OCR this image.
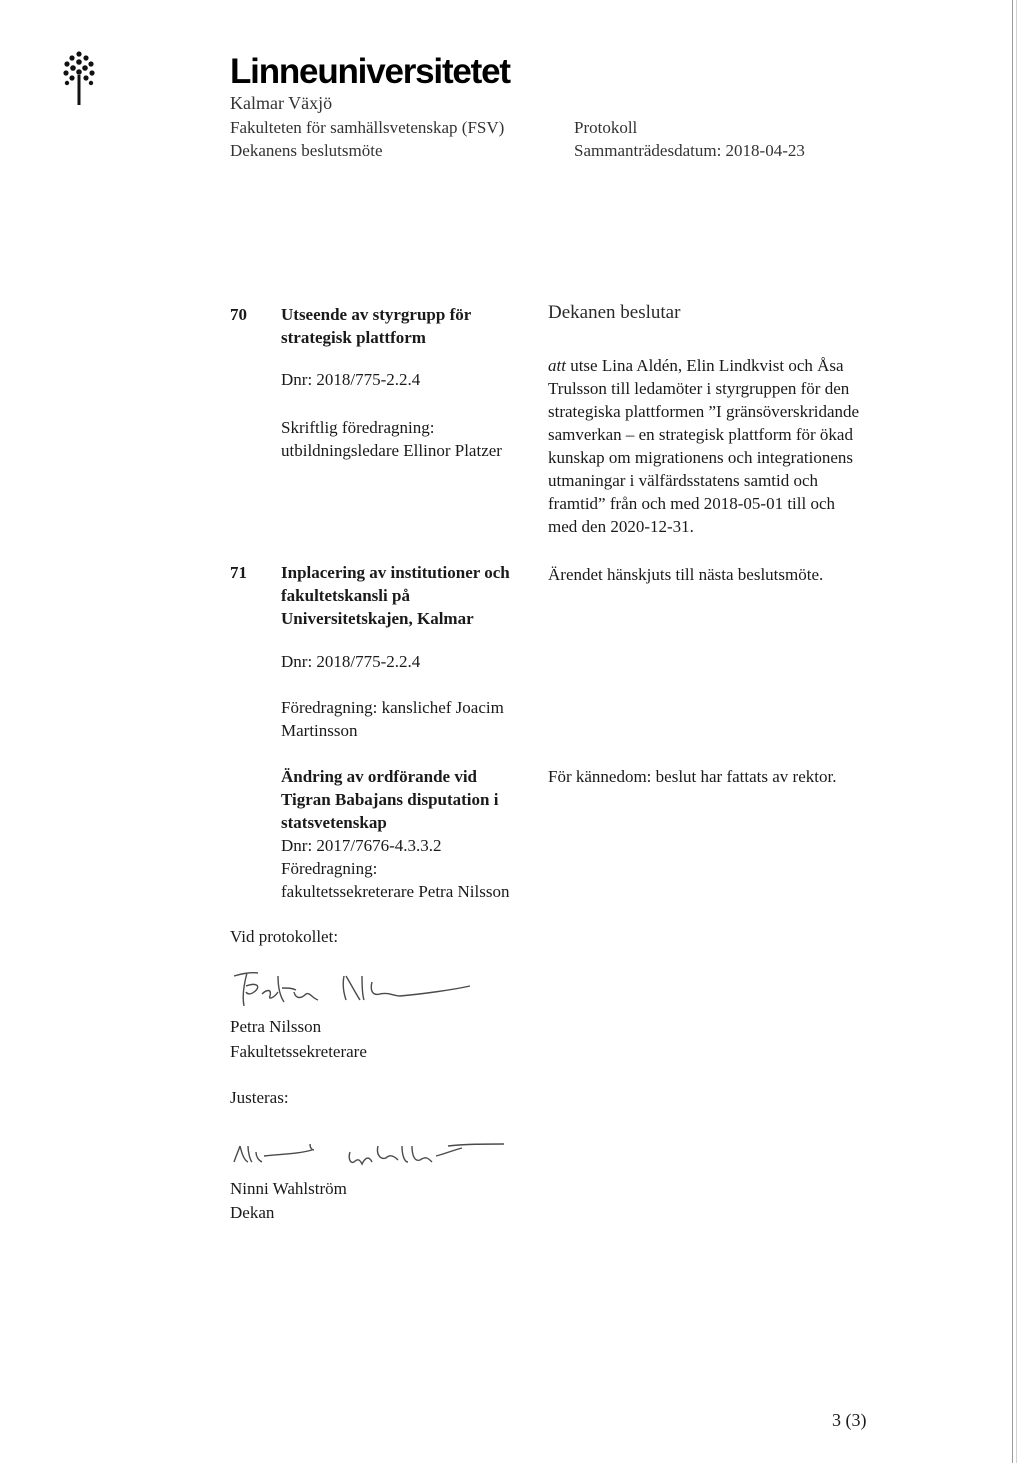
Linneuniversitetet
Kalmar Växjö
Fakulteten för samhällsvetenskap (FSV)
Dekanens beslutsmöte
Protokoll
Sammanträdesdatum: 2018-04-23
70 Utseende av styrgrupp för
strategisk plattform
Dnr: 2018/775-2.2.4
Skriftlig föredragning:
utbildningsledare Ellinor Platzer
Dekanen beslutar
att utse Lina Aldén, Elin Lindkvist och Åsa
Trulsson till ledamöter i styrgruppen för den
strategiska plattformen ”I gränsöverskridande
samverkan – en strategisk plattform för ökad
kunskap om migrationens och integrationens
utmaningar i välfärdsstatens samtid och
framtid” från och med 2018-05-01 till och
med den 2020-12-31.
71 Inplacering av institutioner och
fakultetskansli på
Universitetskajen, Kalmar
Dnr: 2018/775-2.2.4
Föredragning: kanslichef Joacim
Martinsson
Ärendet hänskjuts till nästa beslutsmöte.
Ändring av ordförande vid
Tigran Babajans disputation i
statsvetenskap
Dnr: 2017/7676-4.3.3.2
Föredragning:
fakultetssekreterare Petra Nilsson
För kännedom: beslut har fattats av rektor.
Vid protokollet:
Petra Nilsson
Fakultetssekreterare
Justeras:
Ninni Wahlström
Dekan
3 (3)
